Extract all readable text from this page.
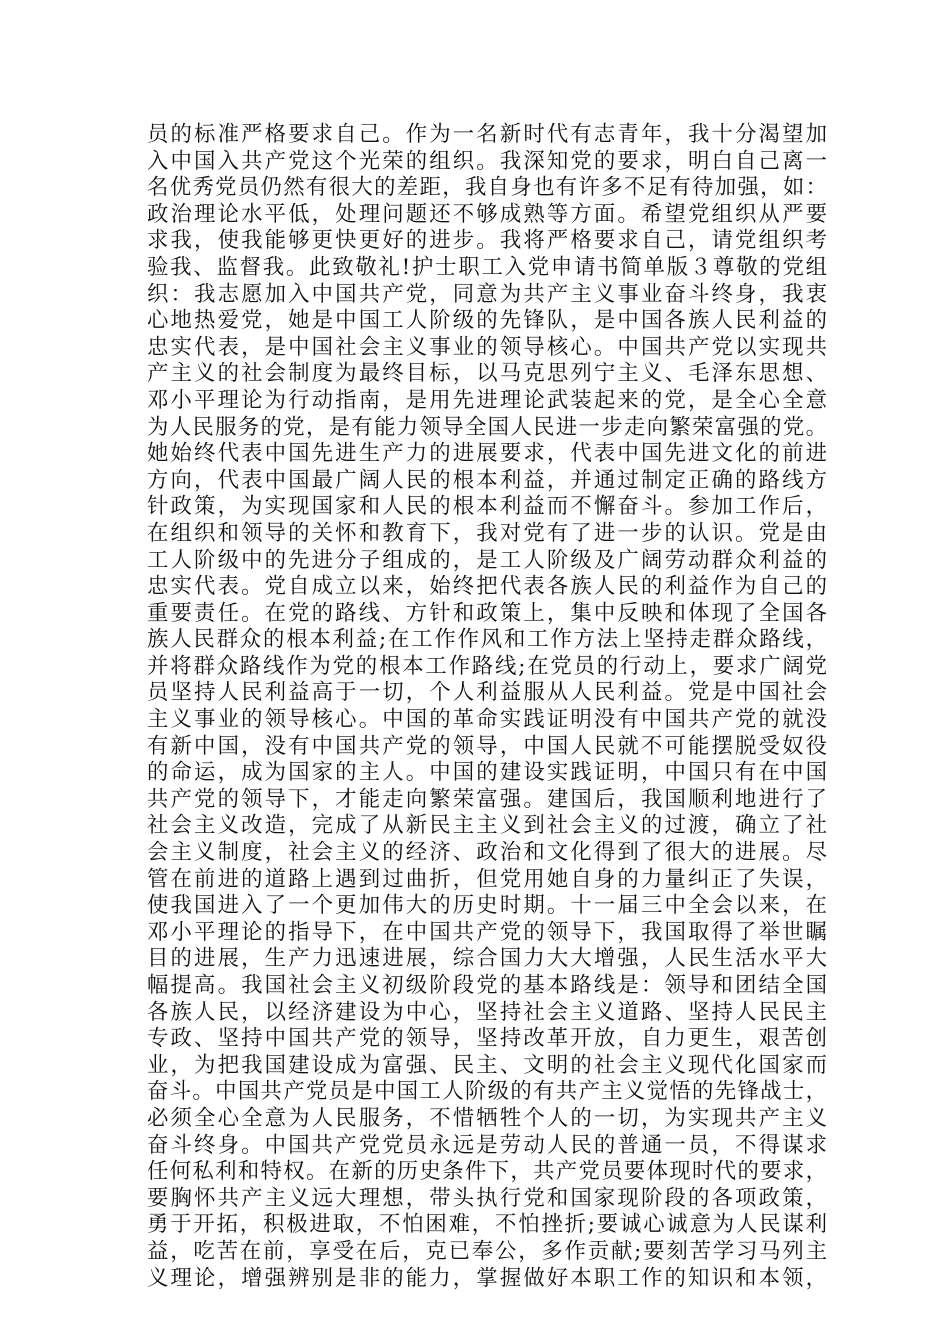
员的标准严格要求自己。作为一名新时代有志青年，我十分渴望加
入中国入共产党这个光荣的组织。我深知党的要求，明白自己离一
名优秀党员仍然有很大的差距，我自身也有许多不足有待加强，如：
政治理论水平低，处理问题还不够成熟等方面。希望党组织从严要
求我，使我能够更快更好的进步。我将严格要求自己，请党组织考
验我、监督我。此致敬礼!护士职工入党申请书简单版３尊敬的党组
织：我志愿加入中国共产党，同意为共产主义事业奋斗终身，我衷
心地热爱党，她是中国工人阶级的先锋队，是中国各族人民利益的
忠实代表，是中国社会主义事业的领导核心。中国共产党以实现共
产主义的社会制度为最终目标，以马克思列宁主义、毛泽东思想、
邓小平理论为行动指南，是用先进理论武装起来的党，是全心全意
为人民服务的党，是有能力领导全国人民进一步走向繁荣富强的党。
她始终代表中国先进生产力的进展要求，代表中国先进文化的前进
方向，代表中国最广阔人民的根本利益，并通过制定正确的路线方
针政策，为实现国家和人民的根本利益而不懈奋斗。参加工作后，
在组织和领导的关怀和教育下，我对党有了进一步的认识。党是由
工人阶级中的先进分子组成的，是工人阶级及广阔劳动群众利益的
忠实代表。党自成立以来，始终把代表各族人民的利益作为自己的
重要责任。在党的路线、方针和政策上，集中反映和体现了全国各
族人民群众的根本利益;在工作作风和工作方法上坚持走群众路线，
并将群众路线作为党的根本工作路线;在党员的行动上，要求广阔党
员坚持人民利益高于一切，个人利益服从人民利益。党是中国社会
主义事业的领导核心。中国的革命实践证明没有中国共产党的就没
有新中国，没有中国共产党的领导，中国人民就不可能摆脱受奴役
的命运，成为国家的主人。中国的建设实践证明，中国只有在中国
共产党的领导下，才能走向繁荣富强。建国后，我国顺利地进行了
社会主义改造，完成了从新民主主义到社会主义的过渡，确立了社
会主义制度，社会主义的经济、政治和文化得到了很大的进展。尽
管在前进的道路上遇到过曲折，但党用她自身的力量纠正了失误，
使我国进入了一个更加伟大的历史时期。十一届三中全会以来，在
邓小平理论的指导下，在中国共产党的领导下，我国取得了举世瞩
目的进展，生产力迅速进展，综合国力大大增强，人民生活水平大
幅提高。我国社会主义初级阶段党的基本路线是：领导和团结全国
各族人民，以经济建设为中心，坚持社会主义道路、坚持人民民主
专政、坚持中国共产党的领导，坚持改革开放，自力更生，艰苦创
业，为把我国建设成为富强、民主、文明的社会主义现代化国家而
奋斗。中国共产党员是中国工人阶级的有共产主义觉悟的先锋战士，
必须全心全意为人民服务，不惜牺牲个人的一切，为实现共产主义
奋斗终身。中国共产党党员永远是劳动人民的普通一员，不得谋求
任何私利和特权。在新的历史条件下，共产党员要体现时代的要求，
要胸怀共产主义远大理想，带头执行党和国家现阶段的各项政策，
勇于开拓，积极进取，不怕困难，不怕挫折;要诚心诚意为人民谋利
益，吃苦在前，享受在后，克已奉公，多作贡献;要刻苦学习马列主
义理论，增强辨别是非的能力，掌握做好本职工作的知识和本领，
